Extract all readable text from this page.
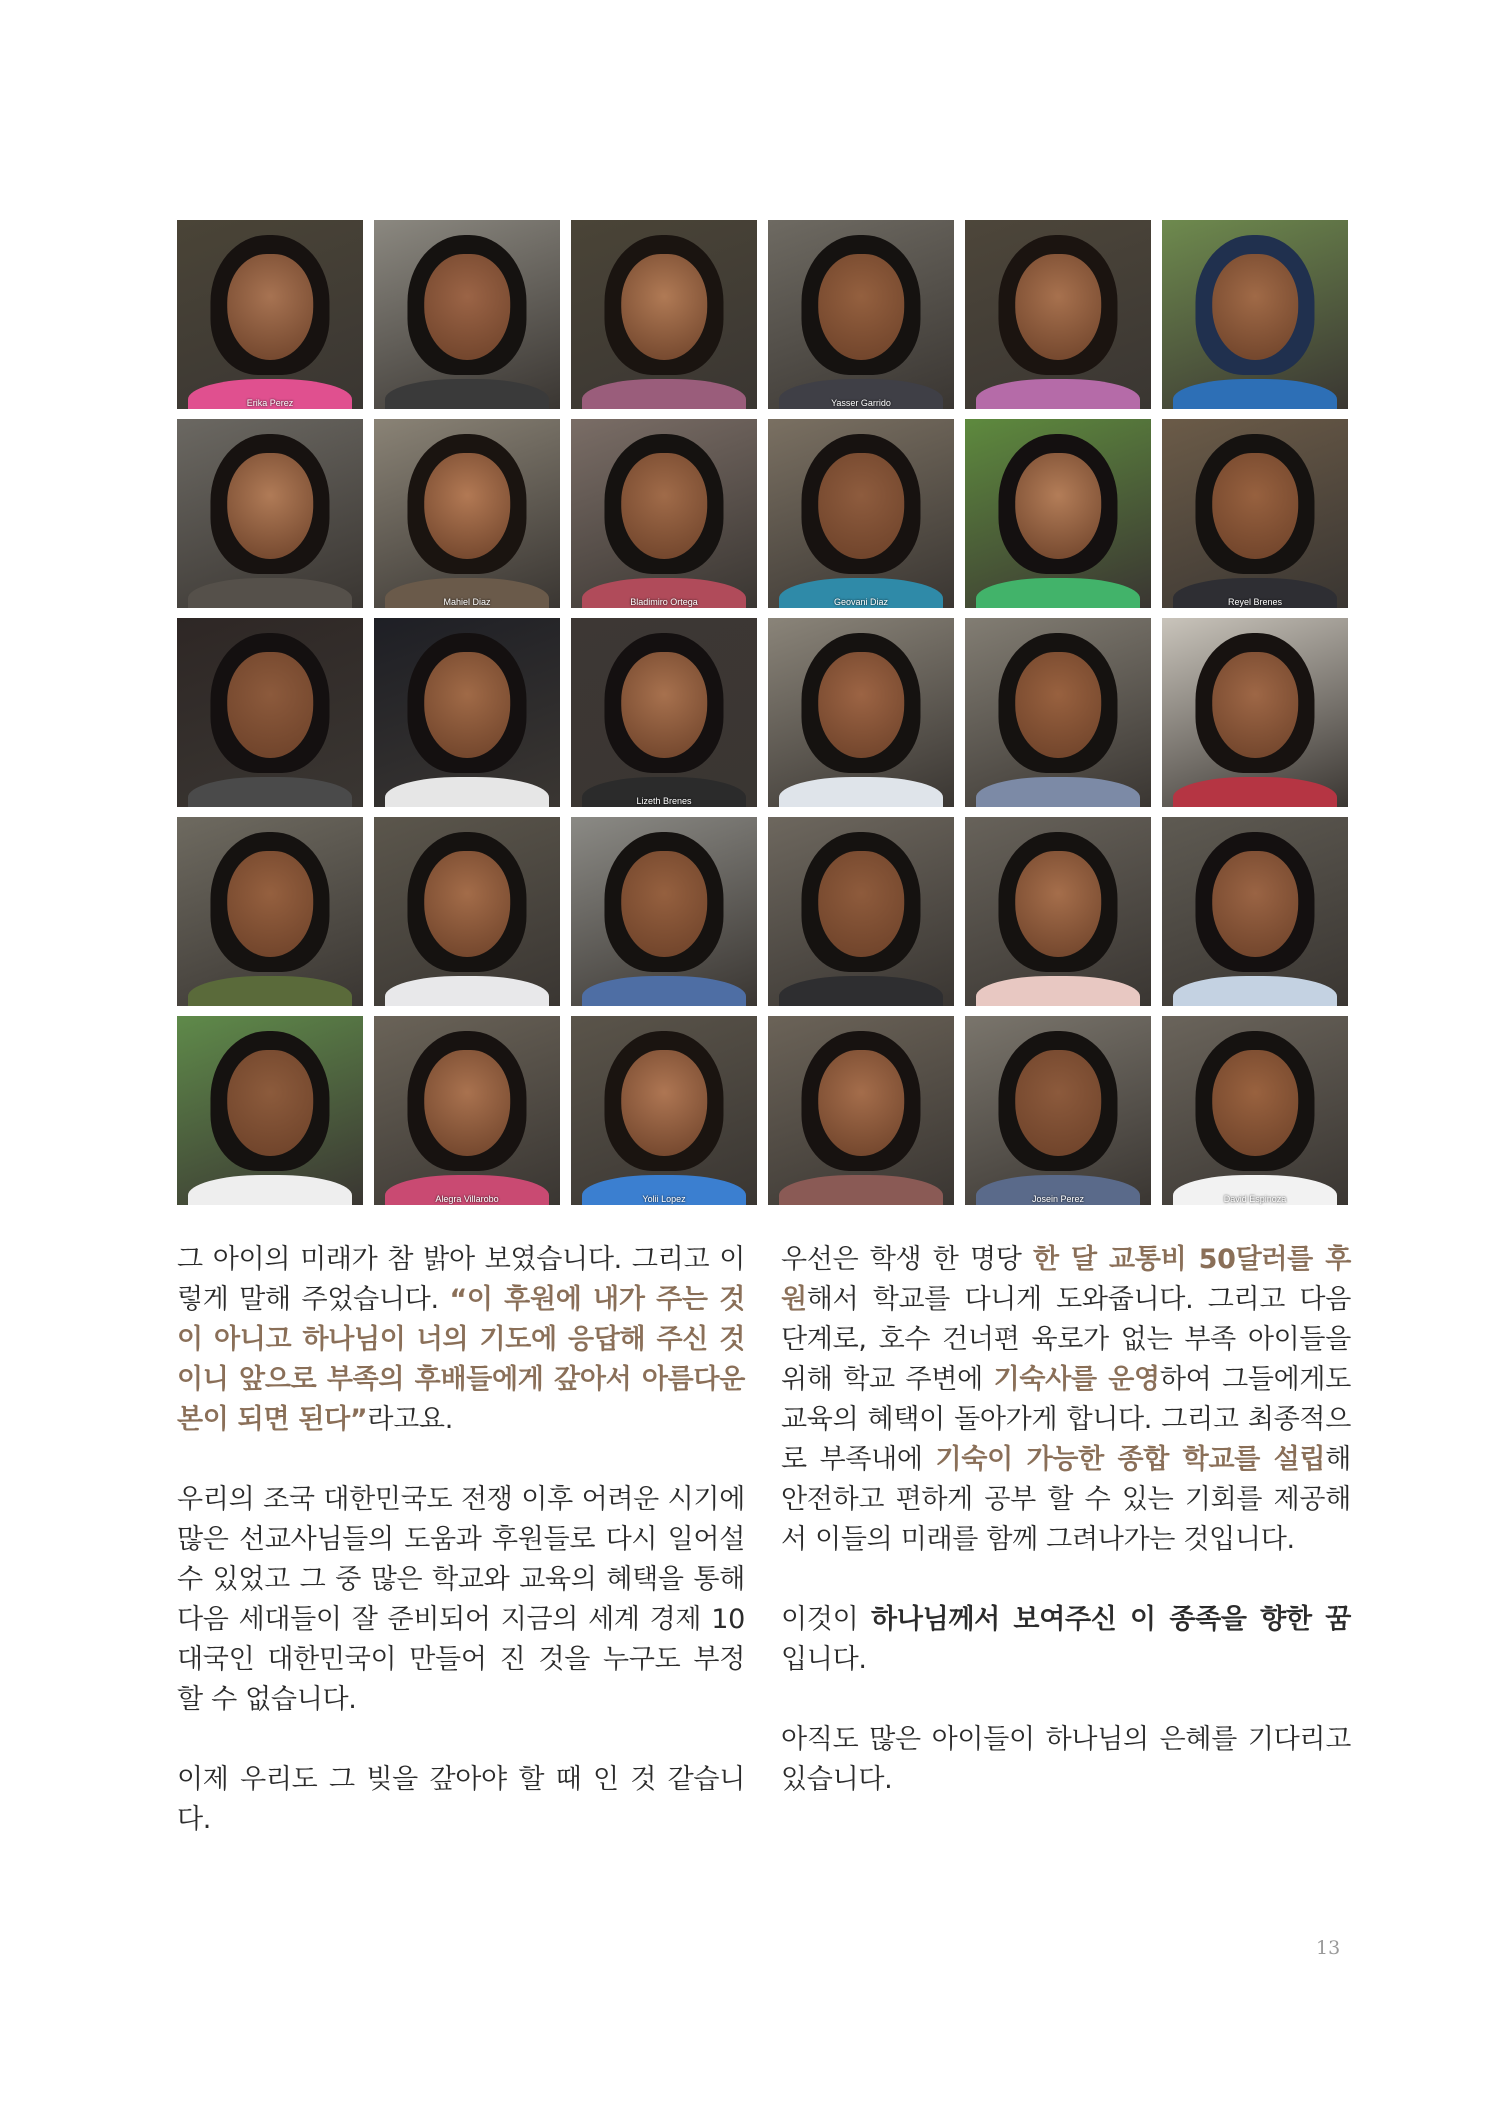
Erika Perez	Yasser Garrido
Mahiel Diaz	Bladimiro Ortega	Geovani Diaz	Reyel Brenes
Lizeth Brenes
Alegra Villarobo	Yolii Lopez	Josein Perez	David Espinoza

그 아이의 미래가 참 밝아 보였습니다. 그리고 이렇게 말해 주었습니다. “이 후원에 내가 주는 것이 아니고 하나님이 너의 기도에 응답해 주신 것이니 앞으로 부족의 후배들에게 갚아서 아름다운 본이 되면 된다”라고요.

우리의 조국 대한민국도 전쟁 이후 어려운 시기에 많은 선교사님들의 도움과 후원들로 다시 일어설 수 있었고 그 중 많은 학교와 교육의 혜택을 통해 다음 세대들이 잘 준비되어 지금의 세계 경제 10대국인 대한민국이 만들어 진 것을 누구도 부정 할 수 없습니다.

이제 우리도 그 빚을 갚아야 할 때 인 것 같습니다.

우선은 학생 한 명당 한 달 교통비 50달러를 후원해서 학교를 다니게 도와줍니다. 그리고 다음 단계로, 호수 건너편 육로가 없는 부족 아이들을 위해 학교 주변에 기숙사를 운영하여 그들에게도 교육의 혜택이 돌아가게 합니다. 그리고 최종적으로 부족내에 기숙이 가능한 종합 학교를 설립해 안전하고 편하게 공부 할 수 있는 기회를 제공해서 이들의 미래를 함께 그려나가는 것입니다.

이것이 하나님께서 보여주신 이 종족을 향한 꿈 입니다.

아직도 많은 아이들이 하나님의 은혜를 기다리고 있습니다.

13
